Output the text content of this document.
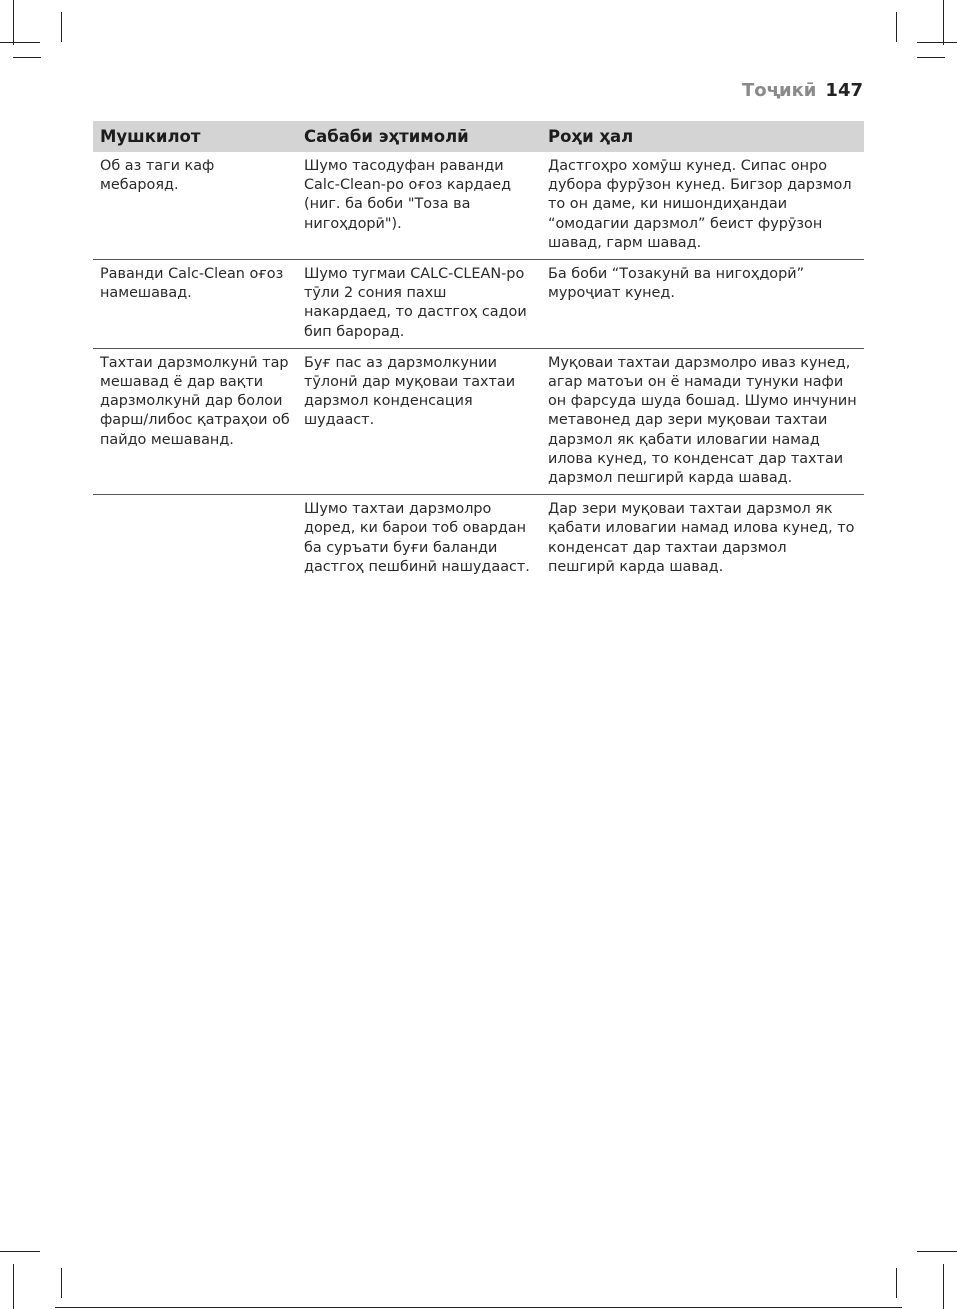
Тоҷикӣ 147
Мушкилот	Сабаби эҳтимолӣ	Роҳи ҳал
Об аз таги каф мебарояд.	Шумо тасодуфан раванди Calc-Clean-ро оғоз кардаед (ниг. ба боби "Тоза ва нигоҳдорӣ").	Дастгоҳро хомӯш кунед. Сипас онро дубора фурӯзон кунед. Бигзор дарзмол то он даме, ки нишондиҳандаи “омодагии дарзмол” беист фурӯзон шавад, гарм шавад.
Раванди Calc-Clean оғоз намешавад.	Шумо тугмаи CALC-CLEAN-ро тӯли 2 сония пахш накардаед, то дастгоҳ садои бип барорад.	Ба боби “Тозакунӣ ва нигоҳдорӣ” муроҷиат кунед.
Тахтаи дарзмолкунӣ тар мешавад ё дар вақти дарзмолкунӣ дар болои фарш/либос қатраҳои об пайдо мешаванд.	Буғ пас аз дарзмолкунии тӯлонӣ дар муқоваи тахтаи дарзмол конденсация шудааст.	Муқоваи тахтаи дарзмолро иваз кунед, агар матоъи он ё намади тунуки нафи он фарсуда шуда бошад. Шумо инчунин метавонед дар зери муқоваи тахтаи дарзмол як қабати иловагии намад илова кунед, то конденсат дар тахтаи дарзмол пешгирӣ карда шавад.
	Шумо тахтаи дарзмолро доред, ки барои тоб овардан ба суръати буғи баланди дастгоҳ пешбинӣ нашудааст.	Дар зери муқоваи тахтаи дарзмол як қабати иловагии намад илова кунед, то конденсат дар тахтаи дарзмол пешгирӣ карда шавад.
